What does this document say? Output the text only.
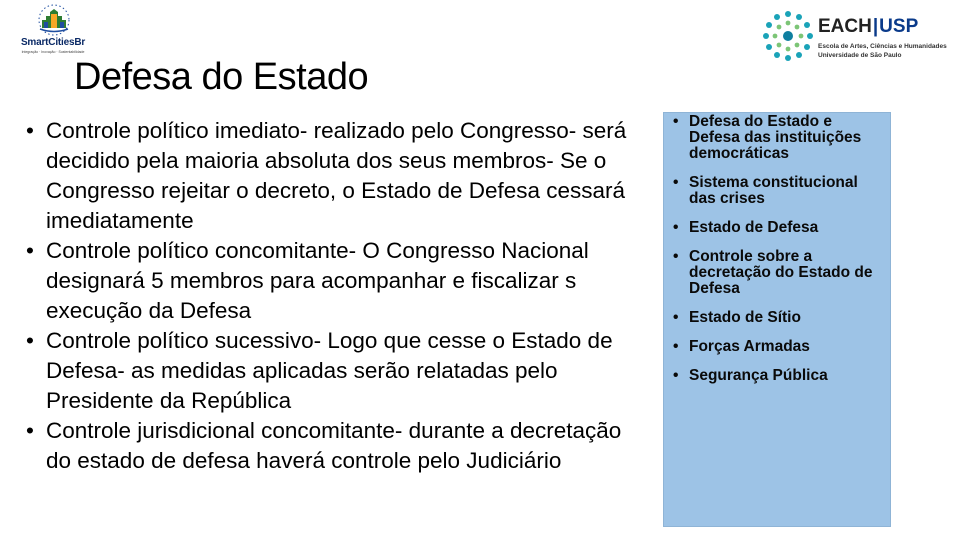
SmartCitiesBr
Integração · Inovação · Sustentabilidade
EACH|USP
Escola de Artes, Ciências e Humanidades
Universidade de São Paulo
Defesa do Estado
• Controle político imediato- realizado pelo Congresso- será decidido pela maioria absoluta dos seus membros- Se o Congresso rejeitar o decreto, o Estado de Defesa cessará imediatamente
• Controle político concomitante- O Congresso Nacional designará 5 membros para acompanhar e fiscalizar s execução da Defesa
• Controle político sucessivo- Logo que cesse o Estado de Defesa- as medidas aplicadas serão relatadas pelo Presidente da República
• Controle jurisdicional concomitante- durante a decretação do estado de defesa haverá controle pelo Judiciário
• Defesa do Estado e Defesa das instituições democráticas
• Sistema constitucional das crises
• Estado de Defesa
• Controle sobre a decretação do Estado de Defesa
• Estado de Sítio
• Forças Armadas
• Segurança Pública
